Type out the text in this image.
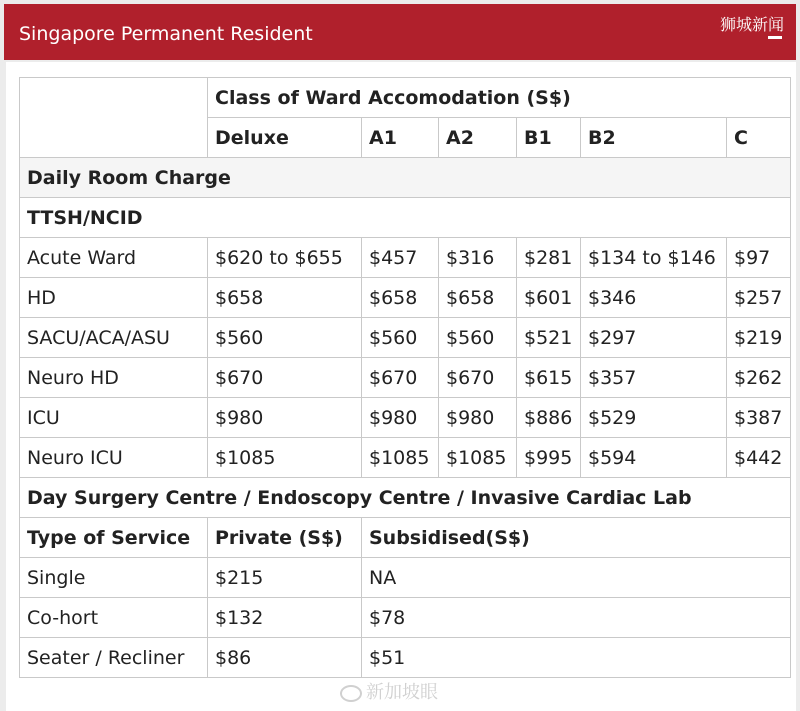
Singapore Permanent Resident	狮城新闻
	Class of Ward Accomodation (S$)					
	Deluxe	A1	A2	B1	B2	C
Daily Room Charge						
TTSH/NCID						
Acute Ward	$620 to $655	$457	$316	$281	$134 to $146	$97
HD	$658	$658	$658	$601	$346	$257
SACU/ACA/ASU	$560	$560	$560	$521	$297	$219
Neuro HD	$670	$670	$670	$615	$357	$262
ICU	$980	$980	$980	$886	$529	$387
Neuro ICU	$1085	$1085	$1085	$995	$594	$442
Day Surgery Centre / Endoscopy Centre / Invasive Cardiac Lab						
Type of Service	Private (S$)	Subsidised(S$)				
Single	$215	NA				
Co-hort	$132	$78				
Seater / Recliner	$86	$51				
新加坡眼
